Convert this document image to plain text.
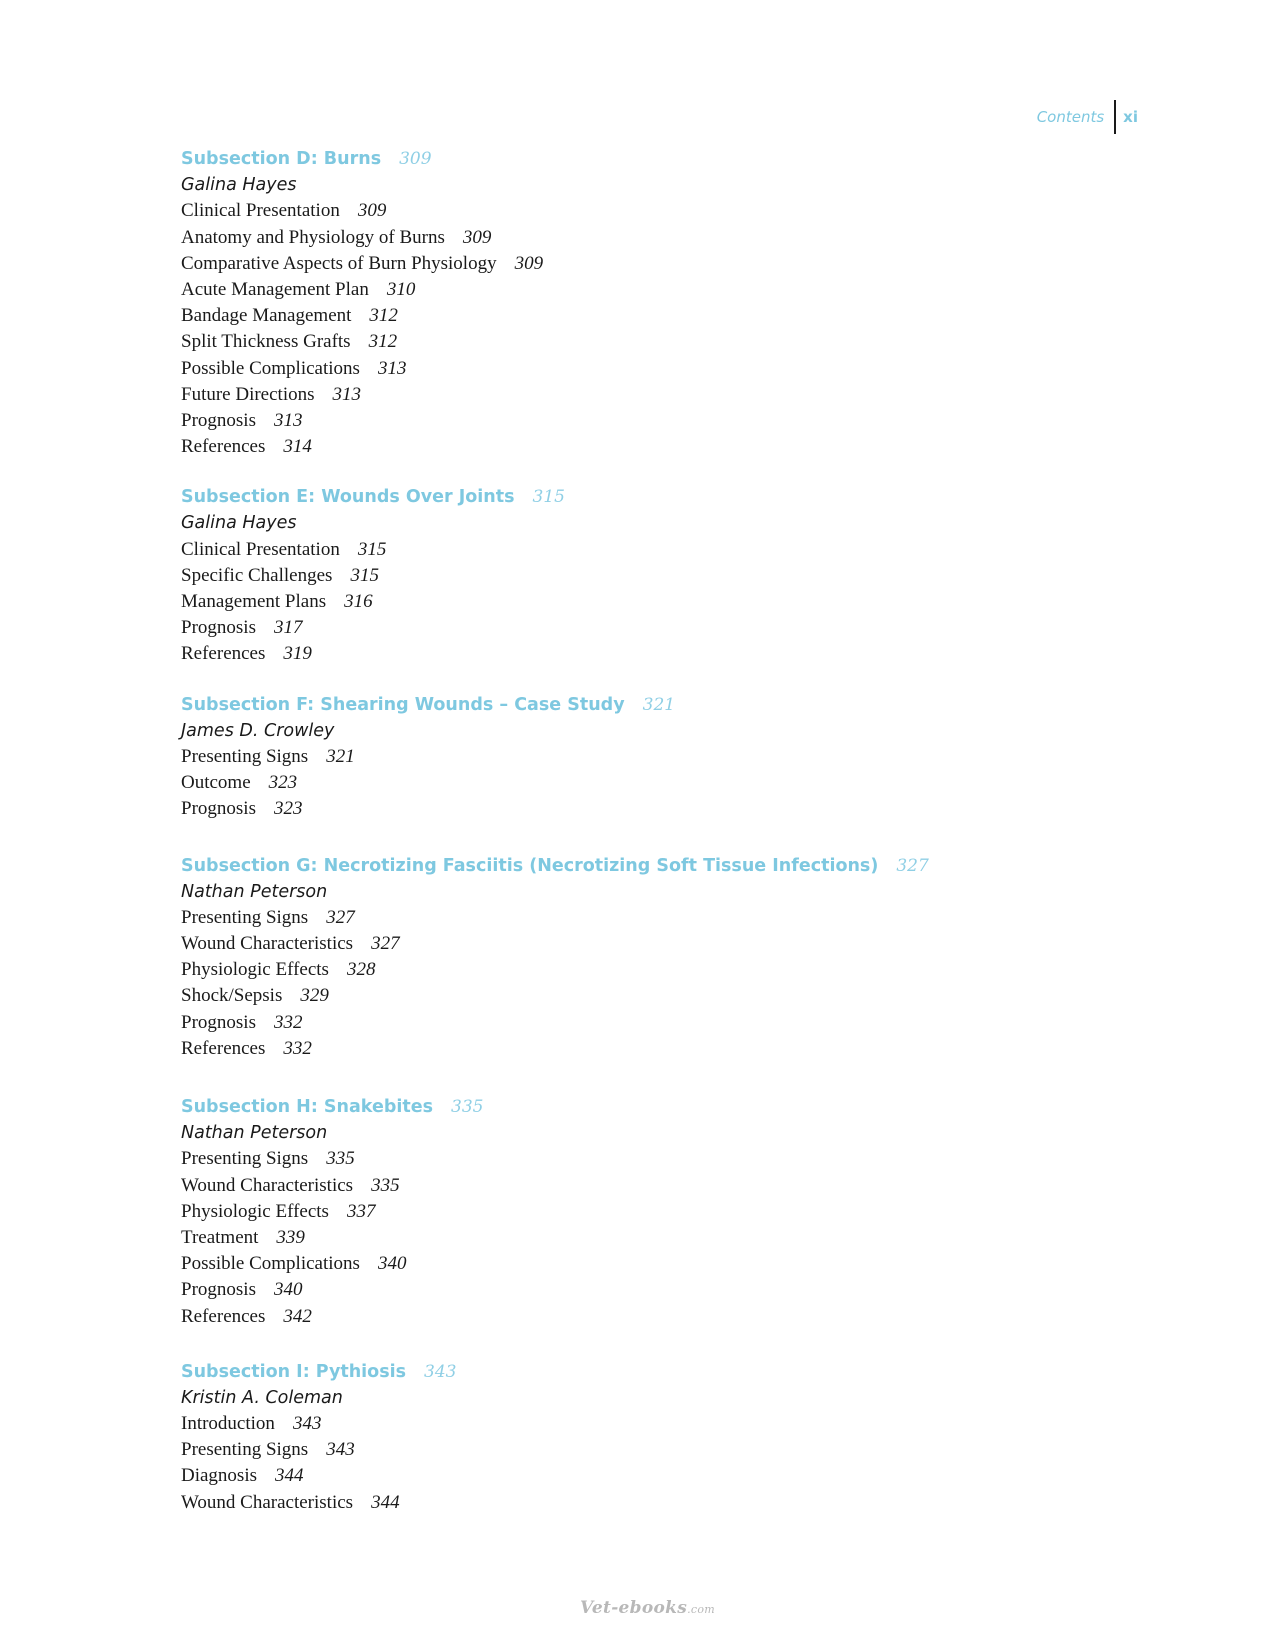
Contents	xi
Subsection D: Burns 309
Galina Hayes
Clinical Presentation 309
Anatomy and Physiology of Burns 309
Comparative Aspects of Burn Physiology 309
Acute Management Plan 310
Bandage Management 312
Split Thickness Grafts 312
Possible Complications 313
Future Directions 313
Prognosis 313
References 314
Subsection E: Wounds Over Joints 315
Galina Hayes
Clinical Presentation 315
Specific Challenges 315
Management Plans 316
Prognosis 317
References 319
Subsection F: Shearing Wounds – Case Study 321
James D. Crowley
Presenting Signs 321
Outcome 323
Prognosis 323
Subsection G: Necrotizing Fasciitis (Necrotizing Soft Tissue Infections) 327
Nathan Peterson
Presenting Signs 327
Wound Characteristics 327
Physiologic Effects 328
Shock/Sepsis 329
Prognosis 332
References 332
Subsection H: Snakebites 335
Nathan Peterson
Presenting Signs 335
Wound Characteristics 335
Physiologic Effects 337
Treatment 339
Possible Complications 340
Prognosis 340
References 342
Subsection I: Pythiosis 343
Kristin A. Coleman
Introduction 343
Presenting Signs 343
Diagnosis 344
Wound Characteristics 344
Vet-ebooks.com
